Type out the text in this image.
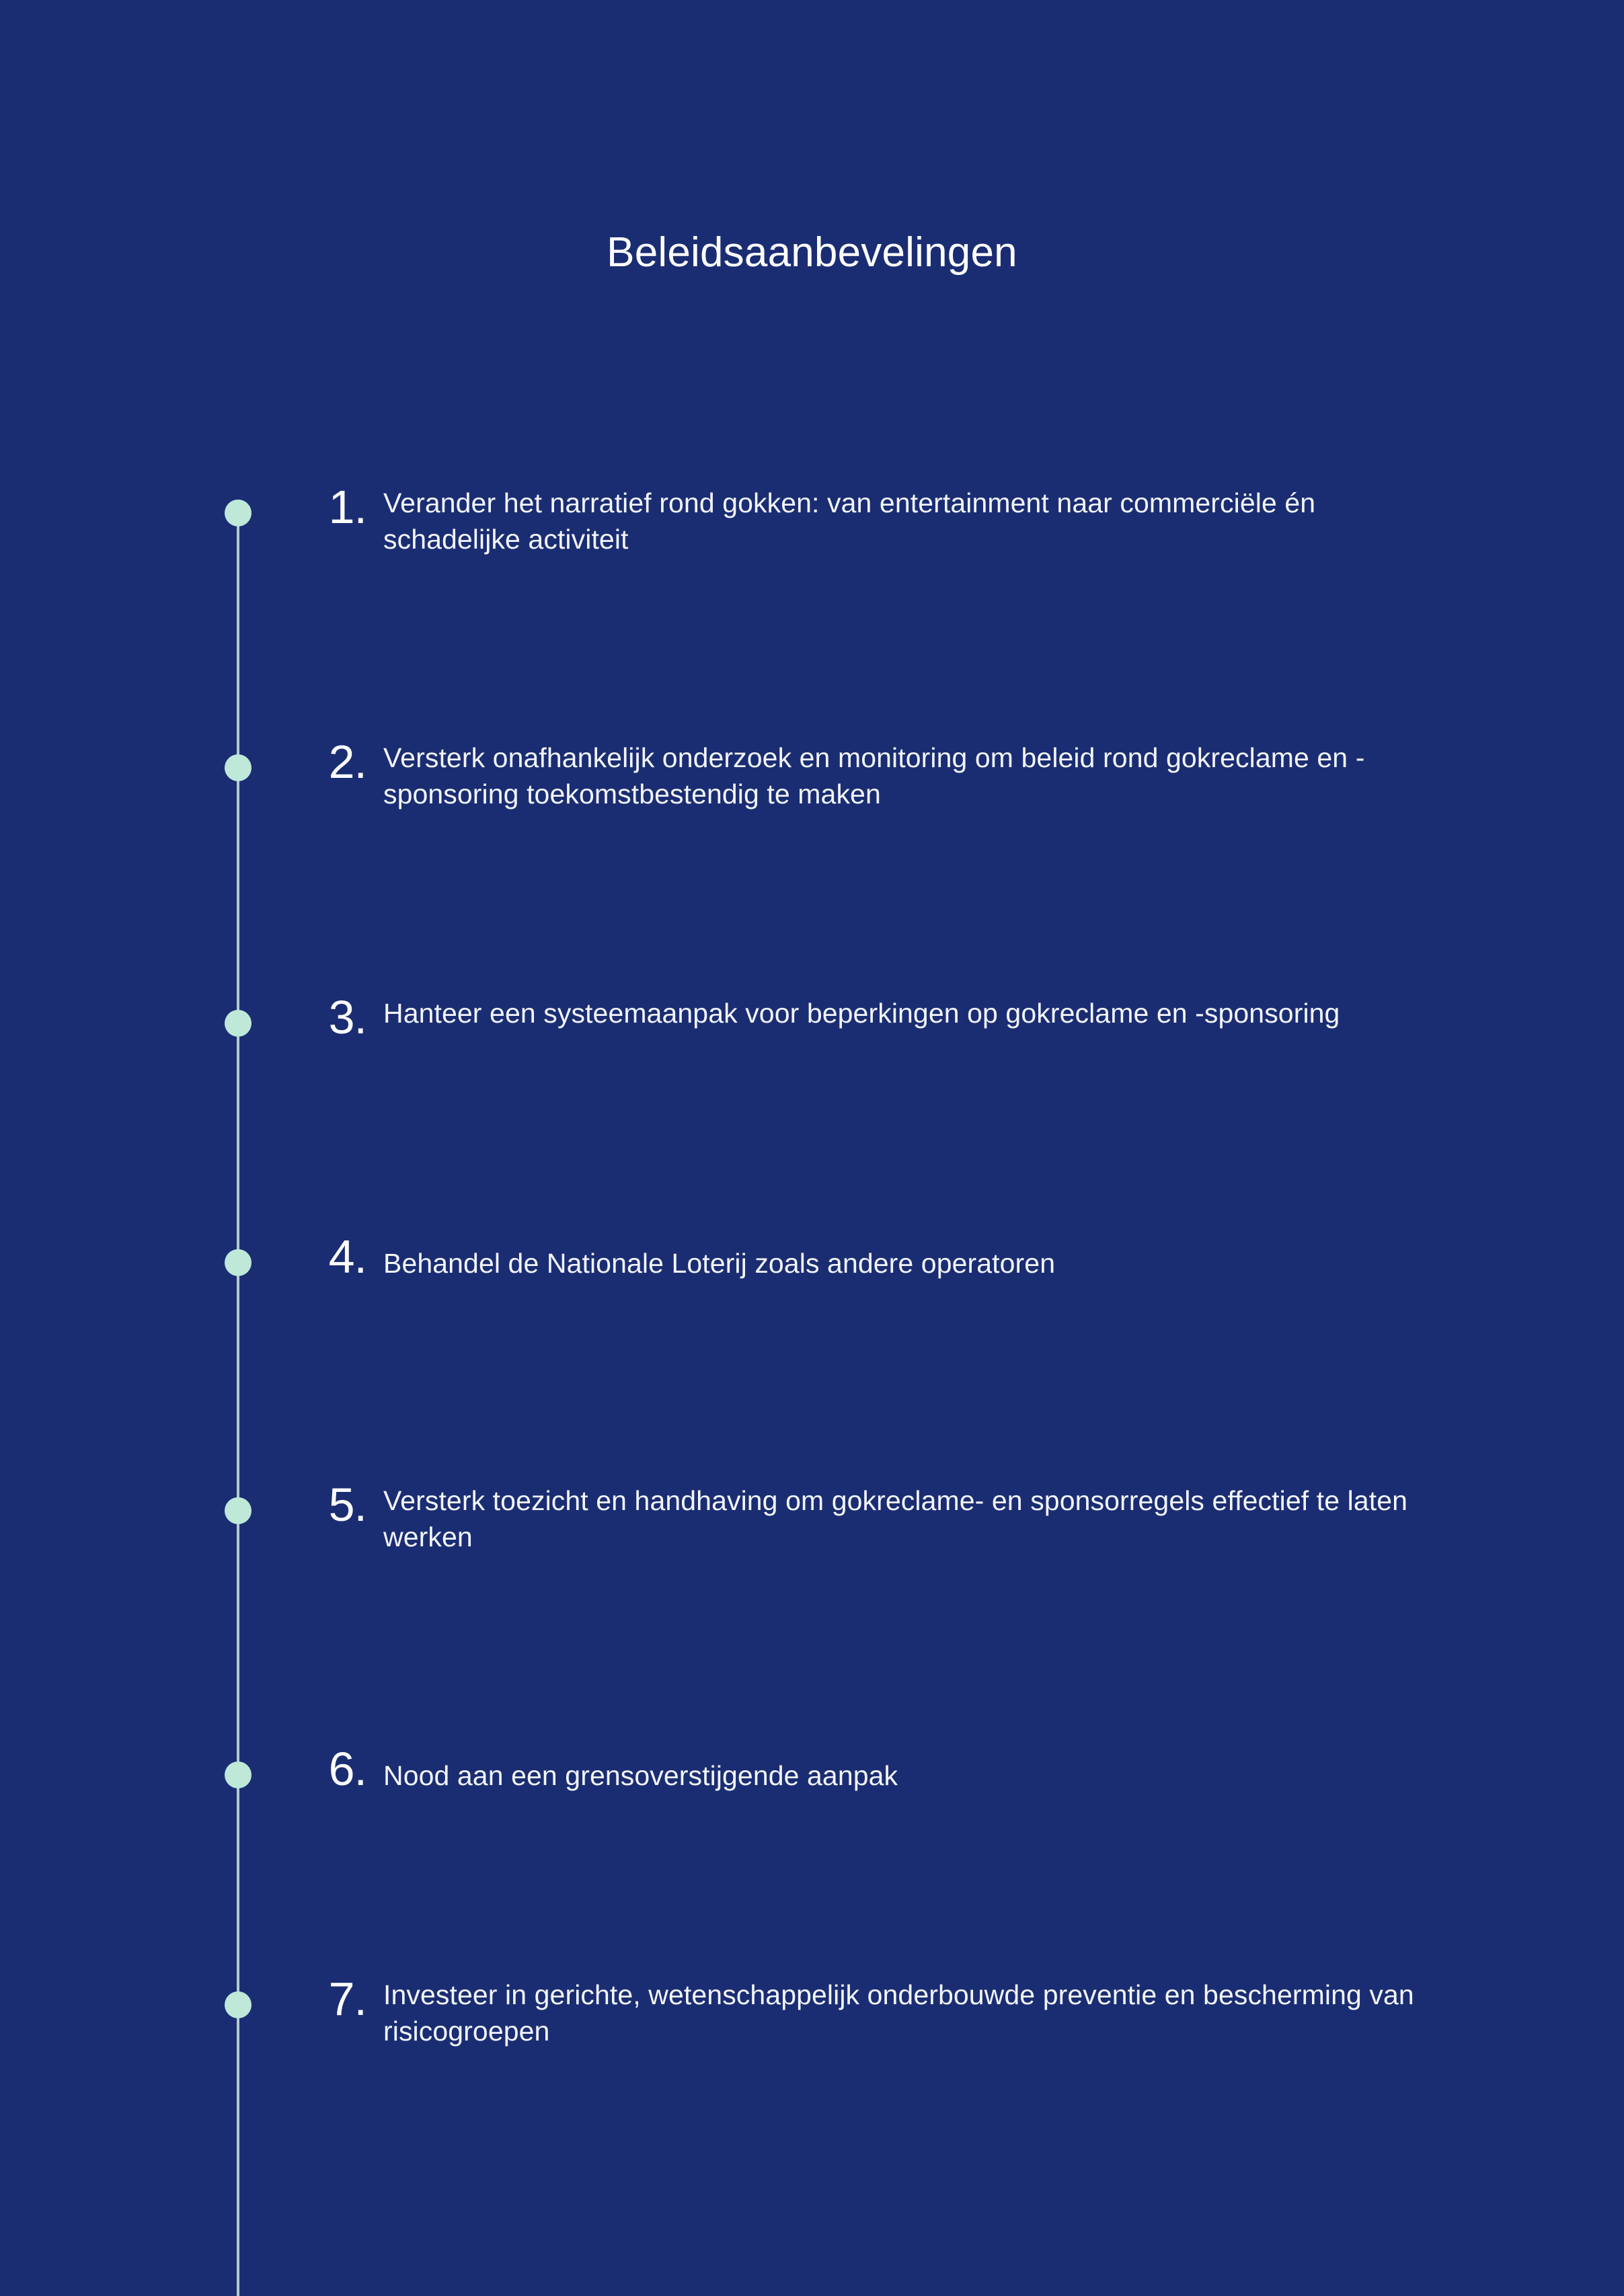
Beleidsaanbevelingen
1. Verander het narratief rond gokken: van entertainment naar commerciële én schadelijke activiteit
2. Versterk onafhankelijk onderzoek en monitoring om beleid rond gokreclame en -sponsoring toekomstbestendig te maken
3. Hanteer een systeemaanpak voor beperkingen op gokreclame en -sponsoring
4. Behandel de Nationale Loterij zoals andere operatoren
5. Versterk toezicht en handhaving om gokreclame- en sponsorregels effectief te laten werken
6. Nood aan een grensoverstijgende aanpak
7. Investeer in gerichte, wetenschappelijk onderbouwde preventie en bescherming van risicogroepen
